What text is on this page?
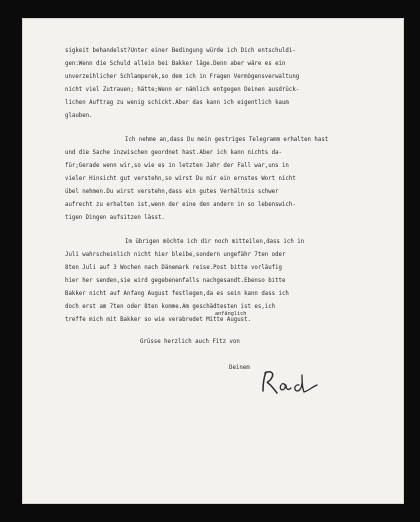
sigkeit behandelst?Unter einer Bedingung würde ich Dich entschuldi-
gen:Wenn die Schuld allein bei Bakker läge.Denn aber wäre es ein
unverzeihlicher Schlamperek,so dem ich in Fragen Vermögensverwaltung
nicht viel Zutrauen; hätte;Wenn er nämlich entgegen Deinen ausdrück-
lichen Auftrag zu wenig schickt.Aber das kann ich eigentlich kaum
glauben.
Ich nehme an,dass Du mein gestriges Telegramm erhalten hast
und die Sache inzwischen geordnet hast.Aber ich kann nichts da-
für;Gerade wenn wir,so wie es in letzten Jahr der Fall war,uns in
vieler Hinsicht gut verstehn,so wirst Du mir ein ernstes Wort nicht
übel nehmen.Du wirst verstehn,dass ein gutes Verhältnis schwer
aufrecht zu erhalten ist,wenn der eine den andern in so lebenswich-
tigen Dingen aufsitzen lässt.
Im übrigen möchte ich dir noch mitteilen,dass ich in
Juli wahrscheinlich nicht hier bleibe,sondern ungefähr 7ten oder
8ten Juli auf 3 Wochen nach Dänemark reise.Post bitte vorläufig
hier her senden,sie wird gegebenenfalls nachgesandt.Ebenso bitte
Bakker nicht auf Anfang August festlegen,da es sein kann dass ich
doch erst am 7ten oder 8ten komme.Am geschädtesten ist es,ich
anfänglich
treffe mich mit Bakker so wie verabredet Mitte August.
Grüsse herzlich auch Fitz von
Deinem
